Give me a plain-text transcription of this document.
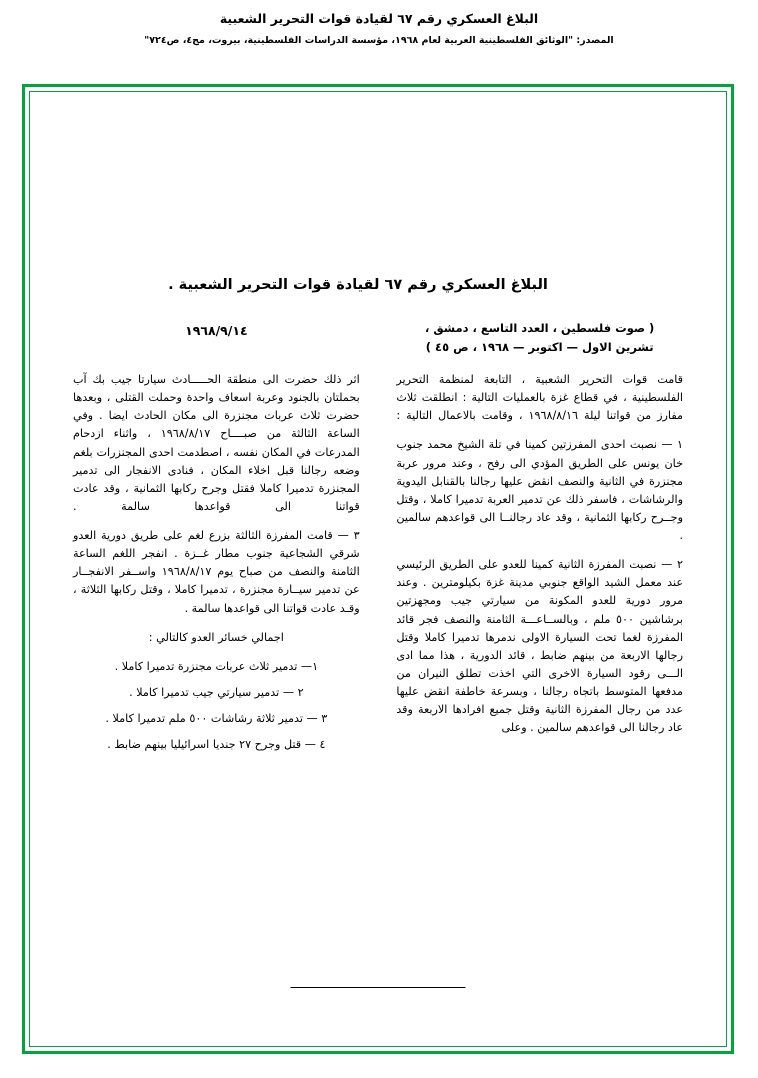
البلاغ العسكري رقم ٦٧ لقيادة قوات التحرير الشعبية
المصدر: "الوثائق الفلسطينية العربية لعام ١٩٦٨، مؤسسة الدراسات الفلسطينية، بيروت، مج٤، ص٧٢٤"
البلاغ العسكري رقم ٦٧ لقيادة قوات التحرير الشعبية .
( صوت فلسطين ، العدد التاسع ، دمشق ،
تشرين الاول — اكتوبر — ١٩٦٨ ، ص ٤٥ )
١٩٦٨/٩/١٤

قامت قوات التحرير الشعبية ، التابعة لمنظمة التحرير الفلسطينية ، في قطاع غزة بالعمليات التالية : انطلقت ثلاث مفارز من قواتنا ليلة ١٩٦٨/٨/١٦ ، وقامت بالاعمال التالية :

١ — نصبت احدى المفرزتين كمينا في تلة الشيخ محمد جنوب خان يونس على الطريق المؤدي الى رفح ، وعند مرور عربة مجنزرة في الثانية والنصف انقض عليها رجالنا بالقنابل اليدوية والرشاشات ، فاسفر ذلك عن تدمير العربة تدميرا كاملا ، وقتل وجــرح ركابها الثمانية ، وقد عاد رجالنــا الى قواعدهم سالمين .

٢ — نصبت المفرزة الثانية كمينا للعدو على الطريق الرئيسي عند معمل الشيد الواقع جنوبي مدينة غزة بكيلومترين . وعند مرور دورية للعدو المكونة من سيارتي جيب ومجهزتين برشاشين ٥٠٠ ملم ، وبالســاعـــة الثامنة والنصف فجر قائد المفرزة لغما تحت السيارة الاولى ندمرها تدميرا كاملا وقتل رجالها الاربعة من بينهم ضابط ، قائد الدورية ، هذا مما ادى الـــى رقود السيارة الاخرى التي اخذت تطلق النيران من مدفعها المتوسط باتجاه رجالنا ، وبسرعة خاطفة انقض عليها عدد من رجال المفرزة الثانية وقتل جميع افرادها الاربعة وقد عاد رجالنا الى قواعدهم سالمين . وعلى

اثر ذلك حضرت الى منطقة الحـــــادث سيارتا جيب بك آب بحملتان بالجنود وعربة اسعاف واحدة وحملت القتلى ، وبعدها حضرت ثلاث عربات مجنزرة الى مكان الحادث ايضا . وفي الساعة الثالثة من صبــــاح ١٩٦٨/٨/١٧ ، واثناء ازدحام المدرعات في المكان نفسه ، اصطدمت احدى المجنزرات بلغم وضعه رجالنا قبل اخلاء المكان ، فنادى الانفجار الى تدمير المجنزرة تدميرا كاملا فقتل وجرح ركابها الثمانية ، وقد عادت قواتنا الى قواعدها سالمة .

٣ — قامت المفرزة الثالثة بزرع لغم على طريق دورية العدو شرقي الشجاعية جنوب مطار غــزة . انفجر اللغم الساعة الثامنة والنصف من صباح يوم ١٩٦٨/٨/١٧ واســفر الانفجــار عن تدمير سيــارة مجنزرة ، تدميرا كاملا ، وقتل ركابها الثلاثة ، وقـد عادت قواتنا الى قواعدها سالمة .

اجمالي خسائر العدو كالتالي :

١— تدمير ثلاث عربات مجنزرة تدميرا كاملا .

٢ — تدمير سيارتي جيب تدميرا كاملا .

٣ — تدمير ثلاثة رشاشات ٥٠٠ ملم تدميرا كاملا .

٤ — قتل وجرح ٢٧ جنديا اسرائيليا بينهم ضابط .
